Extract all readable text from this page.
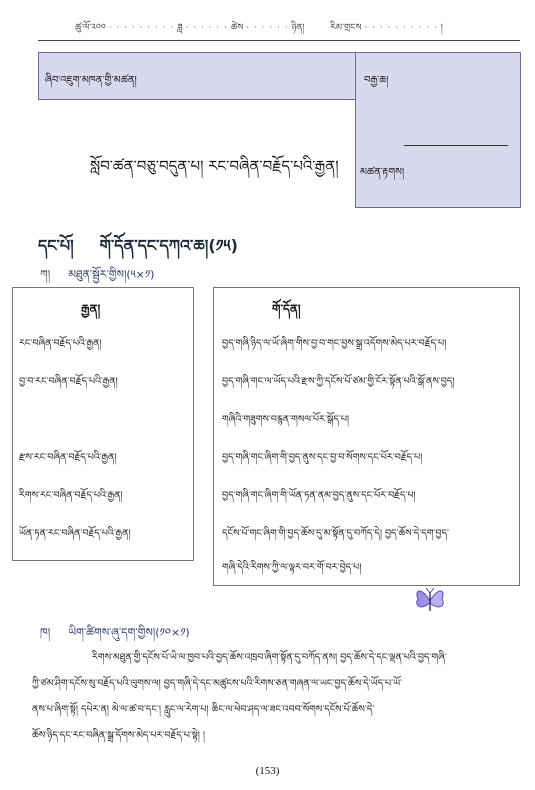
ཚུ་ལོ་༢༠༠ · · · · · · · · · ཟླ · · · · · · ཚེས · · · · · · ཉིན།	རིམ་གྲངས · · · · · · · · · · །
ཞིབ་འཇུག་མཁན་གྱི་མཚན།	བརྒྱ་ཆ།
མཚན་རྟགས།
སློབ་ཚན་བཅུ་བདུན་པ། རང་བཞིན་བརྗོད་པའི་རྒྱན།
དང་པོ། གོ་དོན་དང་དཀའ་ཆ།(༡༥)
ཀ། མཐུན་སྦྱོར་གྱིས།(༥×༡)
རྒྱན།
རང་བཞིན་བརྗོད་པའི་རྒྱན།
བྱ་བ་རང་བཞིན་བརྗོད་པའི་རྒྱན།
རྫས་རང་བཞིན་བརྗོད་པའི་རྒྱན།
རིགས་རང་བཞིན་བརྗོད་པའི་རྒྱན།
ཡོན་ཏན་རང་བཞིན་བརྗོད་པའི་རྒྱན།
གོ་དོན།
བྱད་གཞི་ཉིད་ལ་ཡོ་ཞིག་གིས་བྱ་བ་གང་བྱས་སྒྲ་འདོགས་མེད་པར་བརྗོད་པ།
བྱད་གཞི་གང་ལ་ཡོད་པའི་རྫས་ཀྱི་དངོས་པོ་ཙམ་གྱི་ངོར་སྟོན་པའི་སྒོ་ནས་བྱད།
གཞིའི་གཟུགས་བརྙན་གསལ་པོར་སྒོད་པ།
བྱད་གཞི་གང་ཞིག་གི་བྱད་ནུས་དང་བྱ་བ་སོགས་དང་པོར་བརྗོད་པ།
བྱད་གཞི་གང་ཞིག་གི་ཡོན་ཏན་ནམ་བྱད་ནུས་དང་པོར་བརྗོད་པ།
དངོས་པོ་གང་ཞིག་གི་བྱད་ཆོས་དུ་མ་སྟོན་དུ་བཀོད་དེ། བྱད་ཆོས་དེ་དག་བྱད་
གཞི་དེའི་རིགས་ཀྱི་ལ་ལྟར་བར་གོ་བར་བྱེད་པ།
ཁ། ཡིག་ཚིགས་ཞུ་དག་གྱིས།(༡༠×༡)
རིགས་མཐུན་གྱི་དངོས་པོ་ཡི་ལ་ཁྱབ་པའི་བྱད་ཆོས་འཁྲབ་ཞིག་སྟོན་དུ་བཀོད་ནས། བྱད་ཆོས་དེ་དང་ལྡན་པའི་བྱད་གཞི་
ཀྱི་ཙམ་ཤིག་དངོས་སུ་བརྗོད་པའི་ལུགས་ལ། བྱད་གཞི་དེ་དང་མཚུངས་པའི་རིགས་ཅན་གཞན་ལ་ཡང་བྱད་ཆོས་དེ་ཡོད་པ་ཡོ་
ནས་པ་ཞིག་སྟོ། དཔེར་ན། མེ་ལ་ཚ་བ་དང་། རླུང་ལ་རེག་པ། ཆིང་ལ་ཕེབ་ཤད་ལ་ཟང་འབབ་སོགས་དངོས་པོ་ཆོས་དེ་
ཆོས་ཉིད་དང་རང་བཞིན་སྒྲ་དོགས་མེད་པར་བརྗོད་པ་སྟེ། །
(153)
